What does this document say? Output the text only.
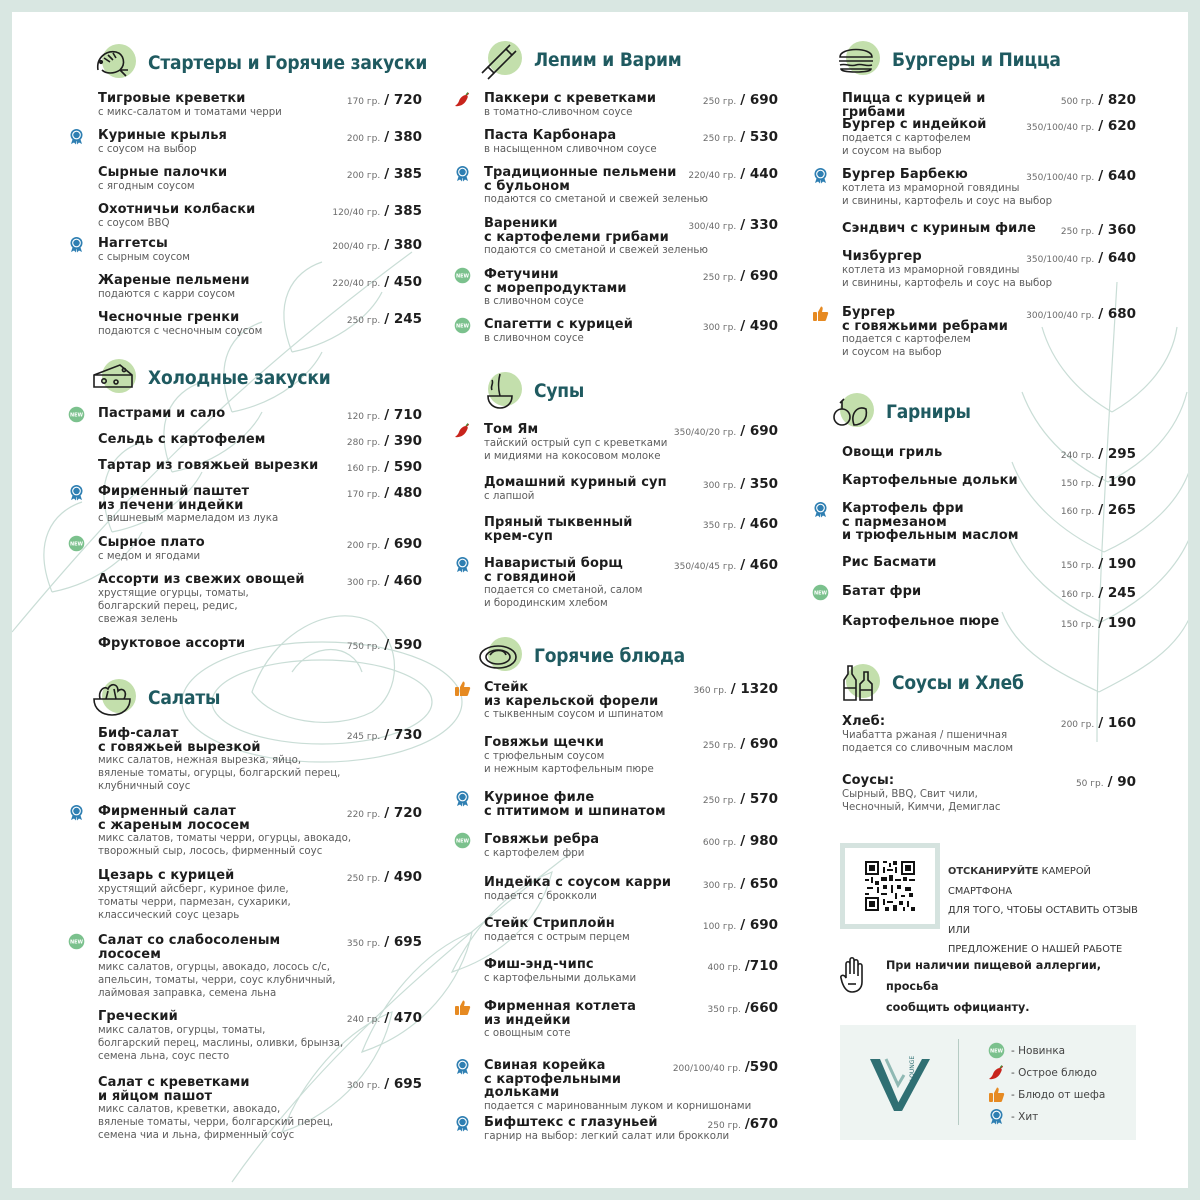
Стартеры и Горячие закуски
Тигровые креветки
с микс-салатом и томатами черри
170 гр. / 720
Куриные крылья
с соусом на выбор
200 гр. / 380
Сырные палочки
с ягодным соусом
200 гр. / 385
Охотничьи колбаски
с соусом BBQ
120/40 гр. / 385
Наггетсы
с сырным соусом
200/40 гр. / 380
Жареные пельмени
подаются с карри соусом
220/40 гр. / 450
Чесночные гренки
подаются с чесночным соусом
250 гр. / 245
Холодные закуски
Пастрами и сало	120 гр. / 710
Сельдь с картофелем	280 гр. / 390
Тартар из говяжьей вырезки	160 гр. / 590
Фирменный паштет
из печени индейки
с вишневым мармеладом из лука
170 гр. / 480
Сырное плато
с медом и ягодами
200 гр. / 690
Ассорти из свежих овощей
хрустящие огурцы, томаты,
болгарский перец, редис,
свежая зелень
300 гр. / 460
Фруктовое ассорти	750 гр. / 590
Салаты
Биф-салат
с говяжьей вырезкой
микс салатов, нежная вырезка, яйцо,
вяленые томаты, огурцы, болгарский перец,
клубничный соус
245 гр. / 730
Фирменный салат
с жареным лососем
микс салатов, томаты черри, огурцы, авокадо,
творожный сыр, лосось, фирменный соус
220 гр. / 720
Цезарь с курицей
хрустящий айсберг, куриное филе,
томаты черри, пармезан, сухарики,
классический соус цезарь
250 гр. / 490
Салат со слабосоленым
лососем
микс салатов, огурцы, авокадо, лосось с/с,
апельсин, томаты, черри, соус клубничный,
лаймовая заправка, семена льна
350 гр. / 695
Греческий
микс салатов, огурцы, томаты,
болгарский перец, маслины, оливки, брынза,
семена льна, соус песто
240 гр. / 470
Салат с креветками
и яйцом пашот
микс салатов, креветки, авокадо,
вяленые томаты, черри, болгарский перец,
семена чиа и льна, фирменный соус
300 гр. / 695
Лепим и Варим
Паккери с креветками
в томатно-сливочном соусе
250 гр. / 690
Паста Карбонара
в насыщенном сливочном соусе
250 гр. / 530
Традиционные пельмени
с бульоном
подаются со сметаной и свежей зеленью
220/40 гр. / 440
Вареники
с картофелеми грибами
подаются со сметаной и свежей зеленью
300/40 гр. / 330
Фетучини
с морепродуктами
в сливочном соусе
250 гр. / 690
Спагетти с курицей
в сливочном соусе
300 гр. / 490
Супы
Том Ям
тайский острый суп с креветками
и мидиями на кокосовом молоке
350/40/20 гр. / 690
Домашний куриный суп
с лапшой
300 гр. / 350
Пряный тыквенный
крем-суп
350 гр. / 460
Наваристый борщ
с говядиной
подается со сметаной, салом
и бородинским хлебом
350/40/45 гр. / 460
Горячие блюда
Стейк
из карельской форели
с тыквенным соусом и шпинатом
360 гр. / 1320
Говяжьи щечки
с трюфельным соусом
и нежным картофельным пюре
250 гр. / 690
Куриное филе
с птитимом и шпинатом
250 гр. / 570
Говяжьи ребра
с картофелем фри
600 гр. / 980
Индейка с соусом карри
подается с брокколи
300 гр. / 650
Стейк Стриплойн
подается с острым перцем
100 гр. / 690
Фиш-энд-чипс
с картофельными дольками
400 гр. /710
Фирменная котлета
из индейки
с овощным соте
350 гр. /660
Свиная корейка
с картофельными дольками
подается с маринованным луком и корнишонами
200/100/40 гр. /590
Бифштекс с глазуньей
гарнир на выбор: легкий салат или брокколи
250 гр. /670
Бургеры и Пицца
Пицца с курицей и грибами
500 гр. / 820
Бургер с индейкой
подается с картофелем
и соусом на выбор
350/100/40 гр. / 620
Бургер Барбекю
котлета из мраморной говядины
и свинины, картофель и соус на выбор
350/100/40 гр. / 640
Сэндвич с куриным филе	250 гр. / 360
Чизбургер
котлета из мраморной говядины
и свинины, картофель и соус на выбор
350/100/40 гр. / 640
Бургер
с говяжьими ребрами
подается с картофелем
и соусом на выбор
300/100/40 гр. / 680
Гарниры
Овощи гриль	240 гр. / 295
Картофельные дольки	150 гр. / 190
Картофель фри
с пармезаном
и трюфельным маслом
160 гр. / 265
Рис Басмати	150 гр. / 190
Батат фри	160 гр. / 245
Картофельное пюре	150 гр. / 190
Соусы и Хлеб
Хлеб:
Чиабатта ржаная / пшеничная
подается со сливочным маслом
200 гр. / 160
Соусы:
Сырный, BBQ, Свит чили,
Чесночный, Кимчи, Демиглас
50 гр. / 90
ОТСКАНИРУЙТЕ КАМЕРОЙ СМАРТФОНА
ДЛЯ ТОГО, ЧТОБЫ ОСТАВИТЬ ОТЗЫВ ИЛИ
ПРЕДЛОЖЕНИЕ О НАШЕЙ РАБОТЕ
При наличии пищевой аллергии, просьба
сообщить официанту.
LOUNGE
NEW - Новинка
- Острое блюдо
- Блюдо от шефа
- Хит
NEW
NEW
NEW
NEW
NEW
NEW
NEW
